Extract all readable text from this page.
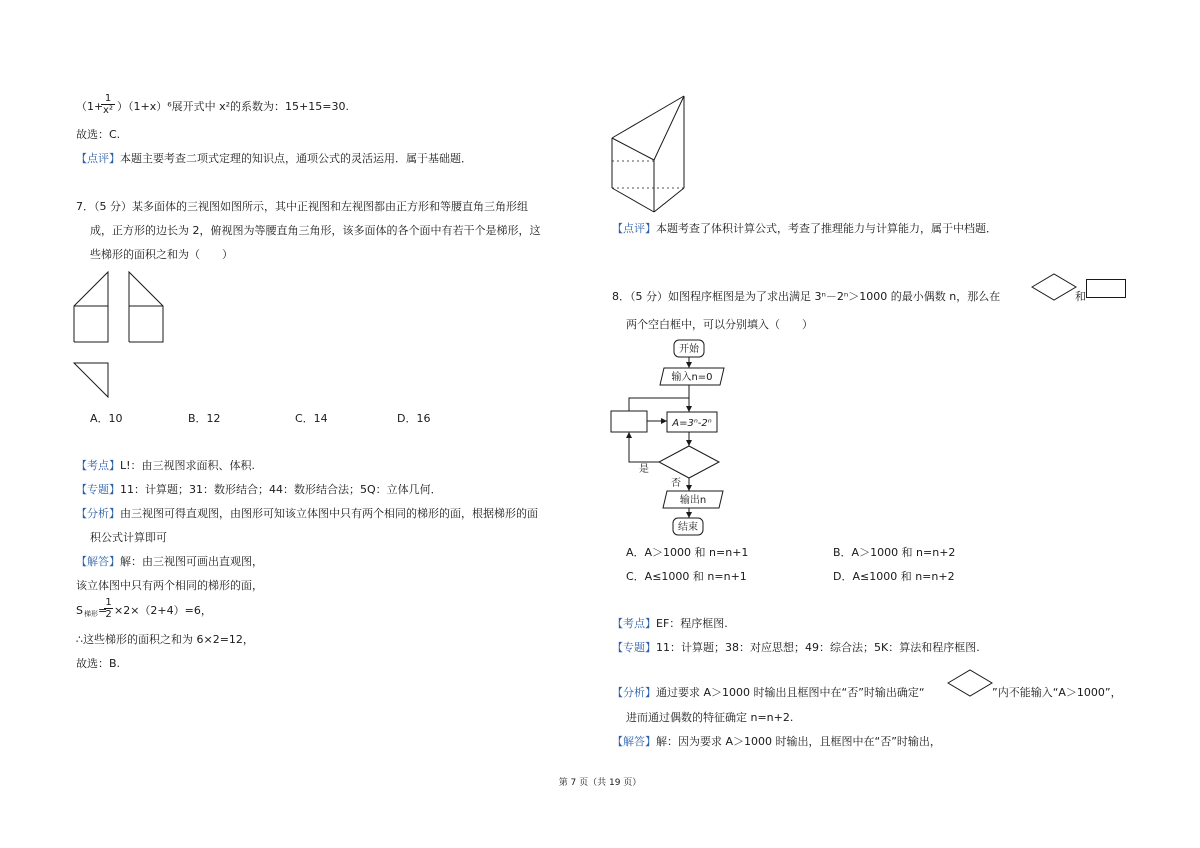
（1+
$\frac{1}{\text{x²}} )(1+x)^6$展开式中 x²的系数为：15+15=30.
故选：C.
【点评】本题主要考查二项式定理的知识点，通项公式的灵活运用．属于基础题．
7．（5 分）某多面体的三视图如图所示，其中正视图和左视图都由正方形和等腰直角三角形组
成，正方形的边长为 2，俯视图为等腰直角三角形，该多面体的各个面中有若干个是梯形，这
些梯形的面积之和为（　　）
A．10	B．12	C．14	D．16
【考点】L!：由三视图求面积、体积.
【专题】11：计算题；31：数形结合；44：数形结合法；5Q：立体几何．
【分析】由三视图可得直观图，由图形可知该立体图中只有两个相同的梯形的面，根据梯形的面
积公式计算即可
【解答】解：由三视图可画出直观图，
该立体图中只有两个相同的梯形的面，
S 梯形 =
$\frac{1}{2} \times 2\times(2+4)=6$，
∴这些梯形的面积之和为 6×2=12，
故选：B.
【点评】本题考查了体积计算公式，考查了推理能力与计算能力，属于中档题．
8．（5 分）如图程序框图是为了求出满足 3ⁿ－2ⁿ＞1000 的最小偶数 n，那么在	和
两个空白框中，可以分别填入（　　）
开始
输入n=0
A=3ⁿ-2ⁿ
是
否
输出n
结束
A．A＞1000 和 n=n+1	B．A＞1000 和 n=n+2
C．A≤1000 和 n=n+1	D．A≤1000 和 n=n+2
【考点】EF：程序框图.
【专题】11：计算题；38：对应思想；49：综合法；5K：算法和程序框图.
【分析】通过要求 A＞1000 时输出且框图中在“否”时输出确定“	”内不能输入“A＞1000”，
进而通过偶数的特征确定 n=n+2.
【解答】解：因为要求 A＞1000 时输出，且框图中在“否”时输出，
第 7 页（共 19 页）
